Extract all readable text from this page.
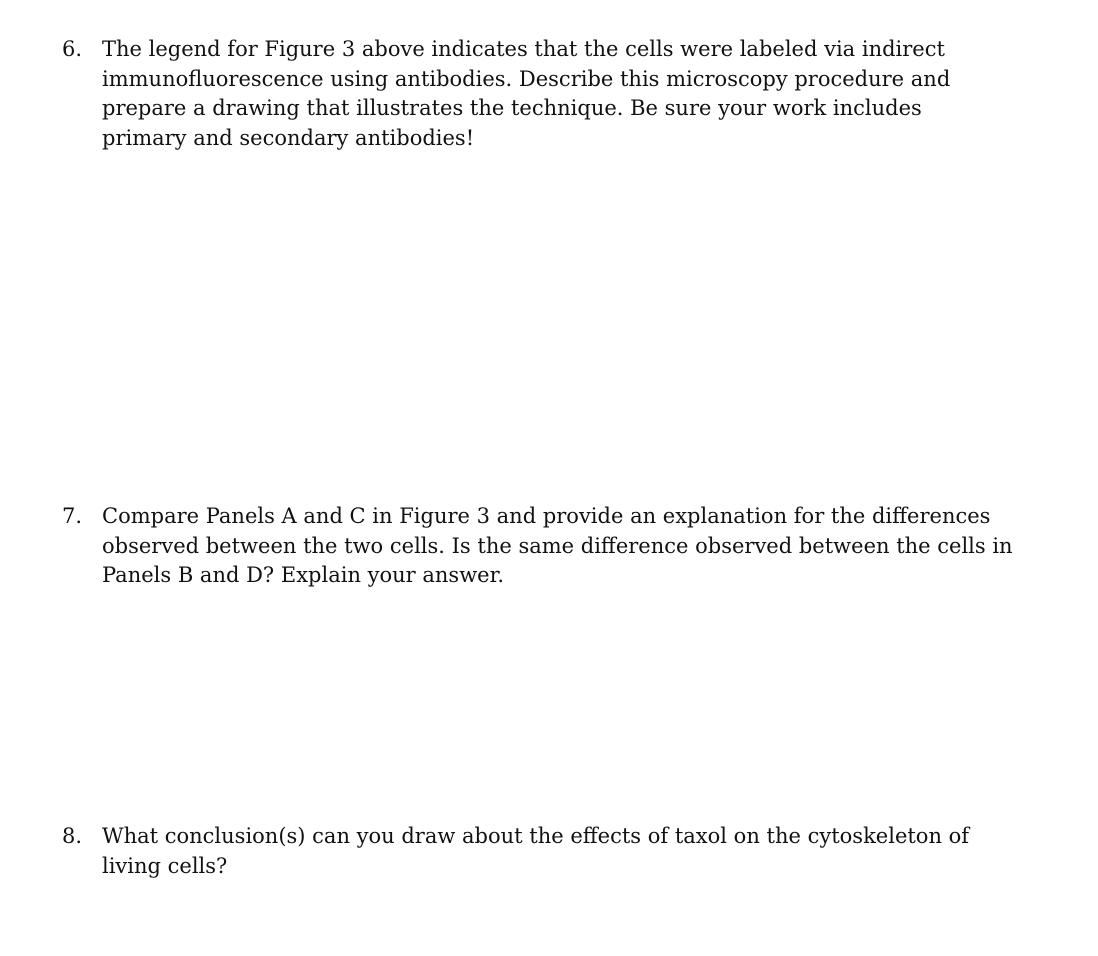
6. The legend for Figure 3 above indicates that the cells were labeled via indirect
immunofluorescence using antibodies. Describe this microscopy procedure and
prepare a drawing that illustrates the technique. Be sure your work includes
primary and secondary antibodies!
7. Compare Panels A and C in Figure 3 and provide an explanation for the differences
observed between the two cells. Is the same difference observed between the cells in
Panels B and D? Explain your answer.
8. What conclusion(s) can you draw about the effects of taxol on the cytoskeleton of
living cells?
